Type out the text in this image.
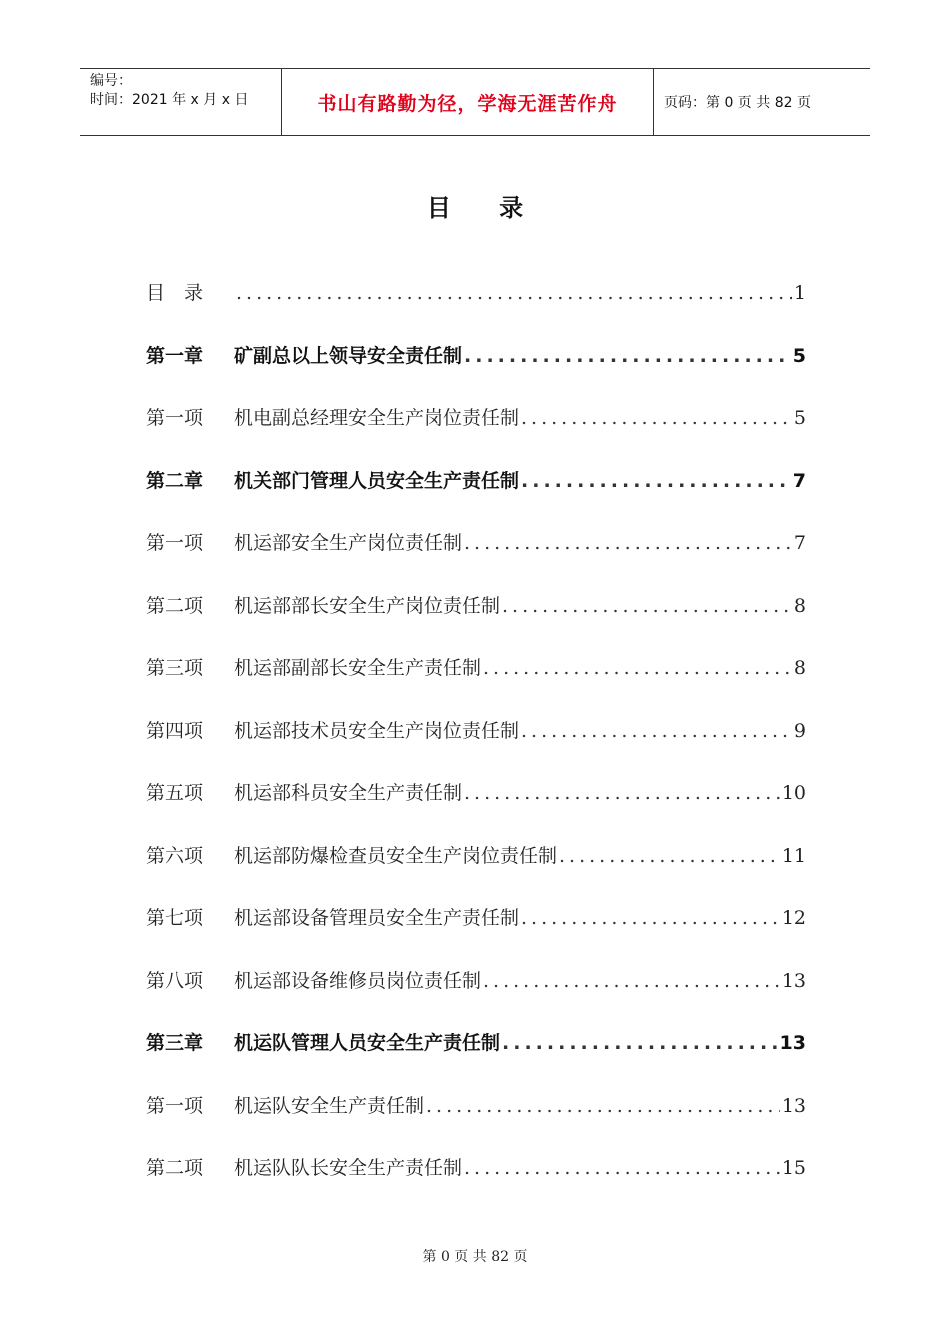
编号：
时间：2021 年 x 月 x 日	书山有路勤为径，学海无涯苦作舟	页码：第 0 页 共 82 页
目 录
目　录 .....	1
第一章	矿副总以上领导安全责任制 .....	5
第一项	机电副总经理安全生产岗位责任制 .....	5
第二章	机关部门管理人员安全生产责任制 .....	7
第一项	机运部安全生产岗位责任制 .....	7
第二项	机运部部长安全生产岗位责任制 .....	8
第三项	机运部副部长安全生产责任制 .....	8
第四项	机运部技术员安全生产岗位责任制 .....	9
第五项	机运部科员安全生产责任制 .....	10
第六项	机运部防爆检查员安全生产岗位责任制 .....	11
第七项	机运部设备管理员安全生产责任制 .....	12
第八项	机运部设备维修员岗位责任制 .....	13
第三章	机运队管理人员安全生产责任制 .....	13
第一项	机运队安全生产责任制 .....	13
第二项	机运队队长安全生产责任制 .....	15
第 0 页 共 82 页
